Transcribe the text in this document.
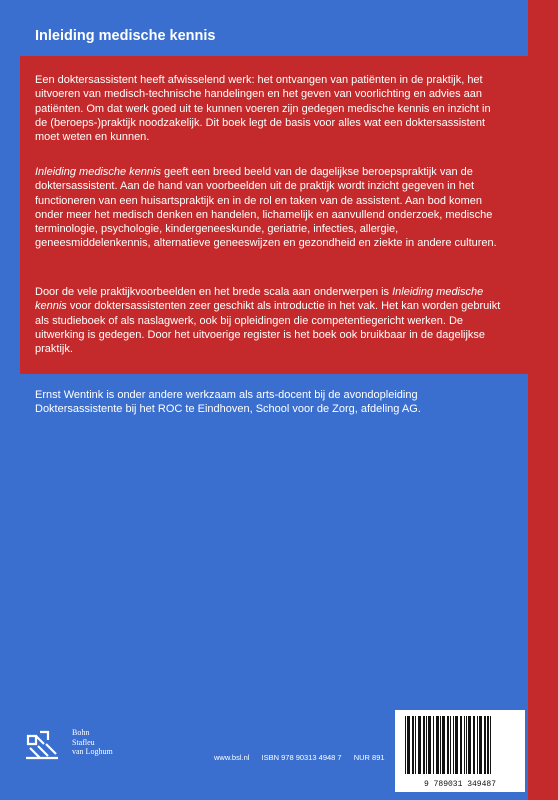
Inleiding medische kennis

Een doktersassistent heeft afwisselend werk: het ontvangen van patiënten in de praktijk, het uitvoeren van medisch-technische handelingen en het geven van voorlichting en advies aan patiënten. Om dat werk goed uit te kunnen voeren zijn gedegen medische kennis en inzicht in de (beroeps-)praktijk noodzakelijk. Dit boek legt de basis voor alles wat een doktersassistent moet weten en kunnen.

Inleiding medische kennis geeft een breed beeld van de dagelijkse beroepspraktijk van de doktersassistent. Aan de hand van voorbeelden uit de praktijk wordt inzicht gegeven in het functioneren van een huisartspraktijk en in de rol en taken van de assistent. Aan bod komen onder meer het medisch denken en handelen, lichamelijk en aanvullend onderzoek, medische terminologie, psychologie, kindergeneeskunde, geriatrie, infecties, allergie, geneesmiddelenkennis, alternatieve geneeswijzen en gezondheid en ziekte in andere culturen.

Door de vele praktijkvoorbeelden en het brede scala aan onderwerpen is Inleiding medische kennis voor doktersassistenten zeer geschikt als introductie in het vak. Het kan worden gebruikt als studieboek of als naslagwerk, ook bij opleidingen die competentiegericht werken. De uitwerking is gedegen. Door het uitvoerige register is het boek ook bruikbaar in de dagelijkse praktijk.

Ernst Wentink is onder andere werkzaam als arts-docent bij de avondopleiding Doktersassistente bij het ROC te Eindhoven, School voor de Zorg, afdeling AG.

Bohn
Stafleu
van Loghum
www.bsl.nl ISBN 978 90313 4948 7 NUR 891
9 789031 349487
